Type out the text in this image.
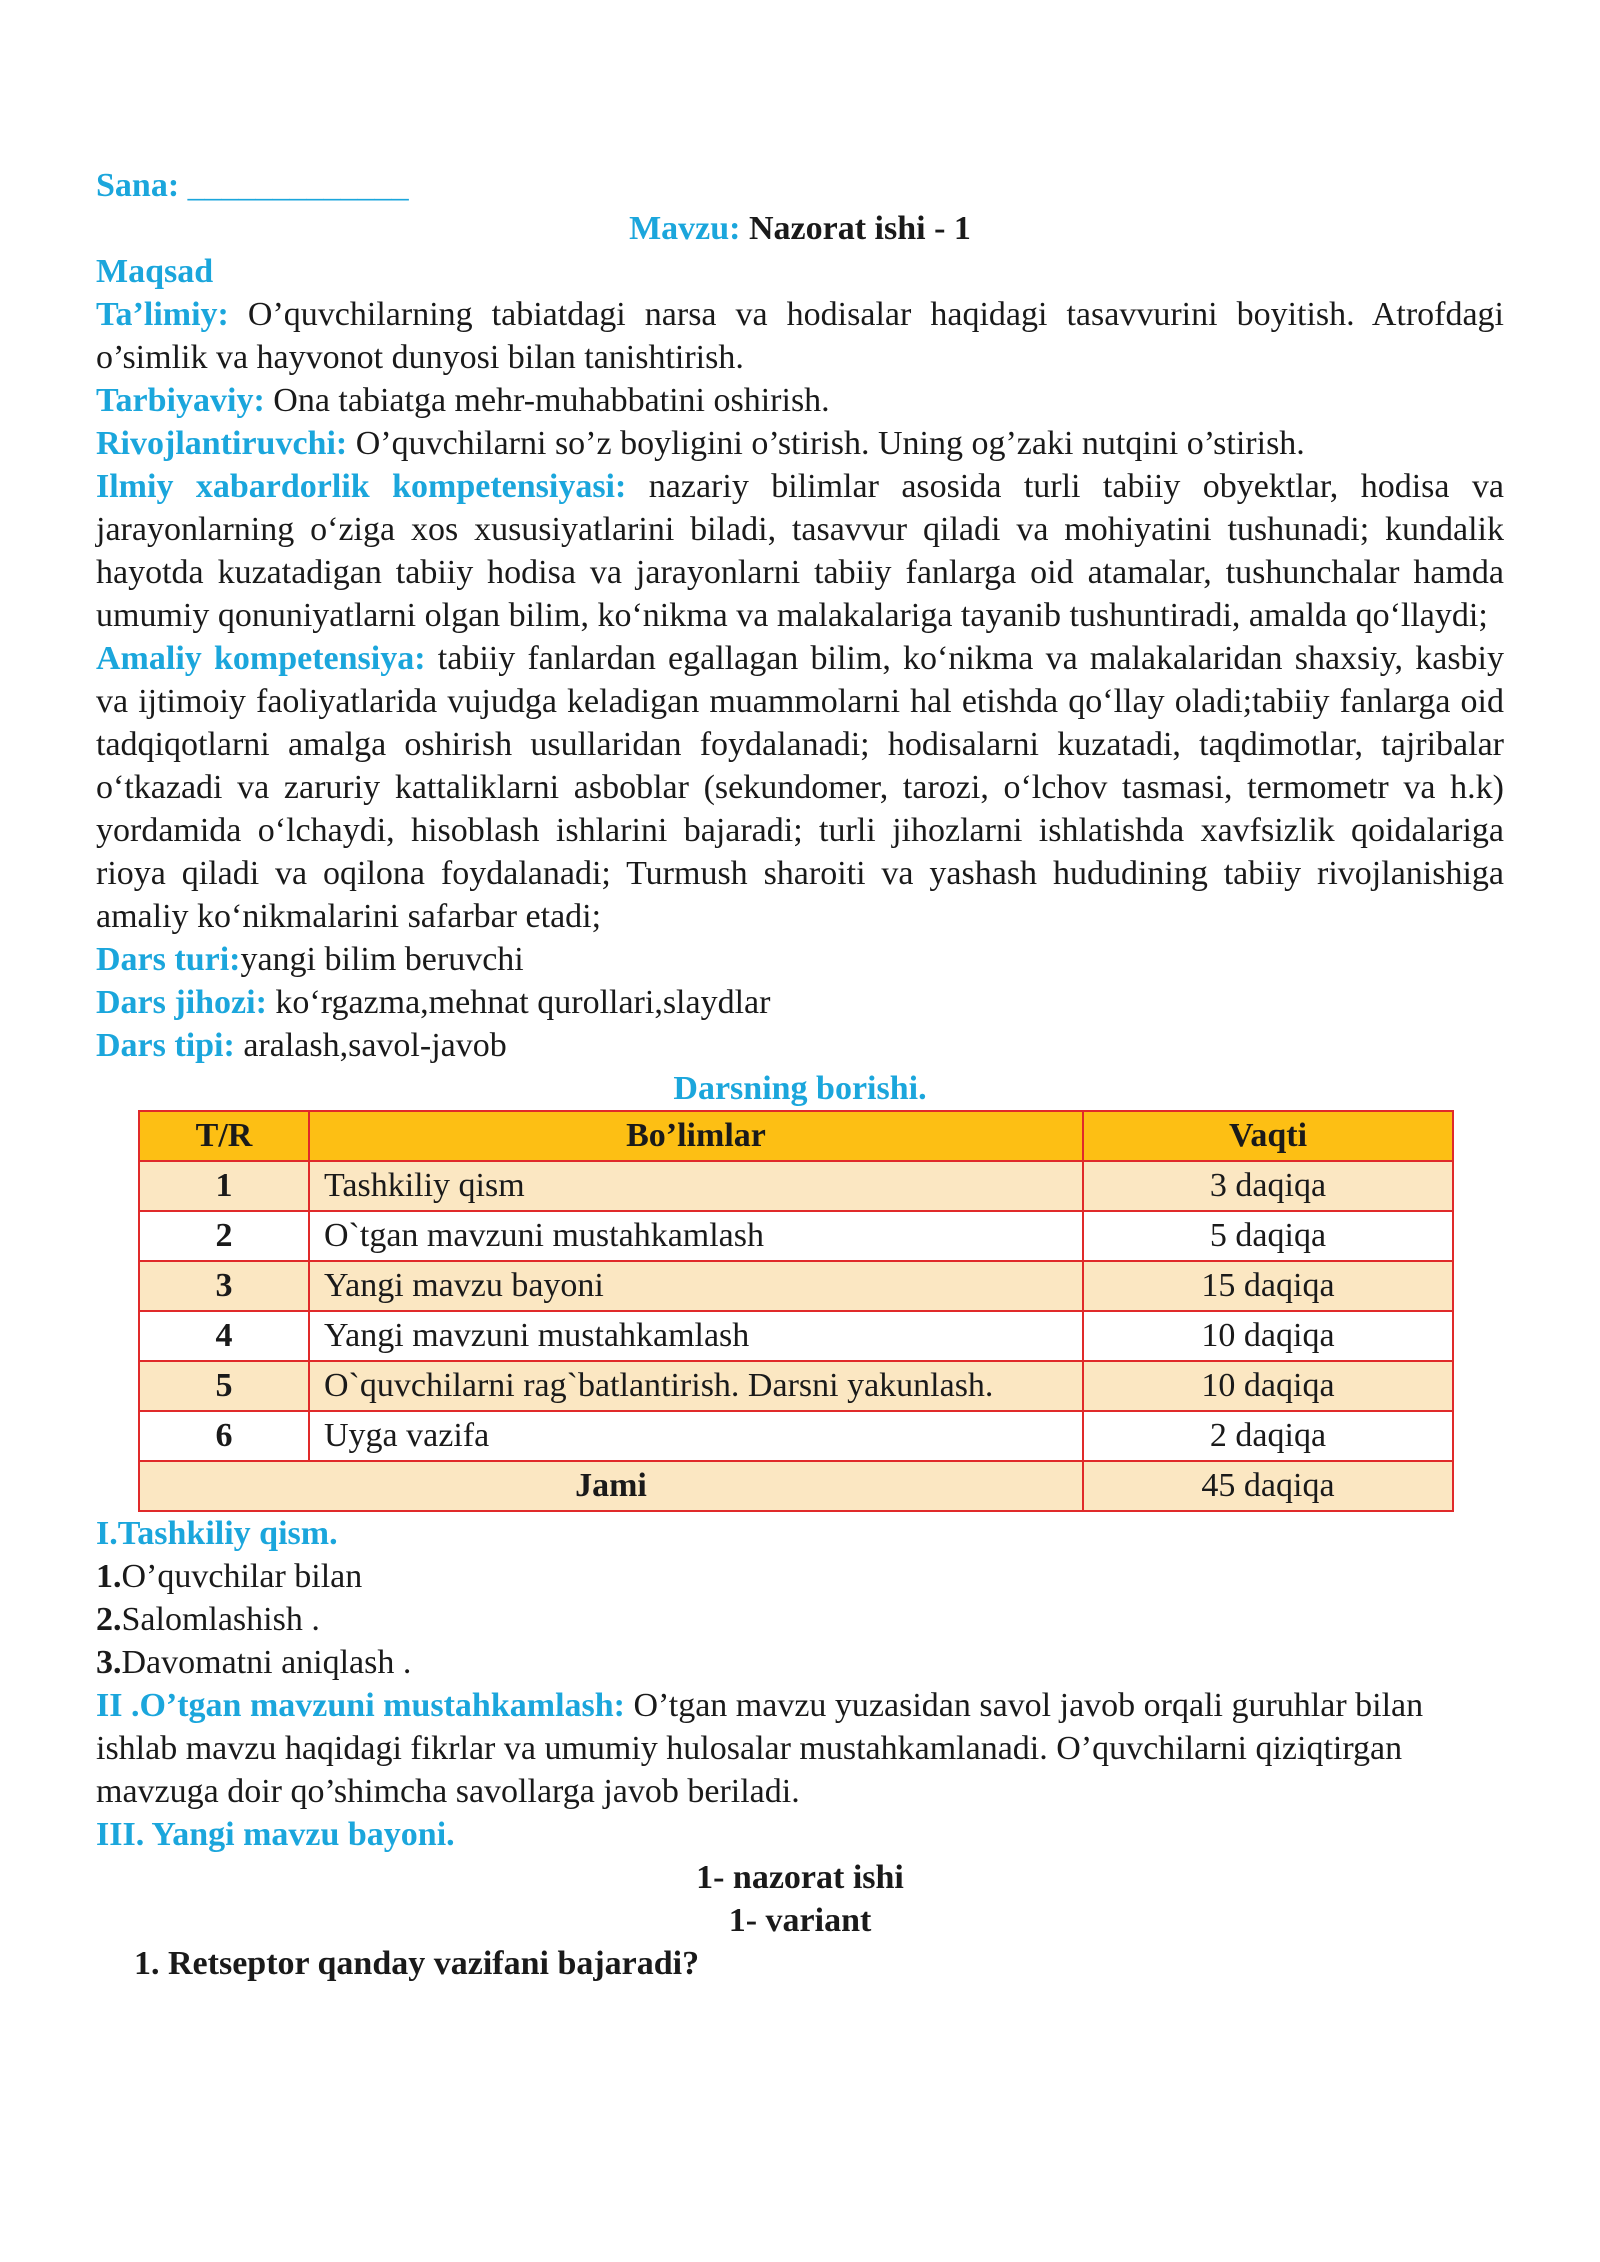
Sana: _____________

Mavzu: Nazorat ishi - 1

Maqsad

Ta’limiy: O’quvchilarning tabiatdagi narsa va hodisalar haqidagi tasavvurini boyitish. Atrofdagi o’simlik va hayvonot dunyosi bilan tanishtirish.

Tarbiyaviy: Ona tabiatga mehr-muhabbatini oshirish.

Rivojlantiruvchi: O’quvchilarni so’z boyligini o’stirish. Uning og’zaki nutqini o’stirish.

Ilmiy xabardorlik kompetensiyasi: nazariy bilimlar asosida turli tabiiy obyektlar, hodisa va jarayonlarning o‘ziga xos xususiyatlarini biladi, tasavvur qiladi va mohiyatini tushunadi; kundalik hayotda kuzatadigan tabiiy hodisa va jarayonlarni tabiiy fanlarga oid atamalar, tushunchalar hamda umumiy qonuniyatlarni olgan bilim, ko‘nikma va malakalariga tayanib tushuntiradi, amalda qo‘llaydi;

Amaliy kompetensiya: tabiiy fanlardan egallagan bilim, ko‘nikma va malakalaridan shaxsiy, kasbiy va ijtimoiy faoliyatlarida vujudga keladigan muammolarni hal etishda qo‘llay oladi;tabiiy fanlarga oid tadqiqotlarni amalga oshirish usullaridan foydalanadi; hodisalarni kuzatadi, taqdimotlar, tajribalar o‘tkazadi va zaruriy kattaliklarni asboblar (sekundomer, tarozi, o‘lchov tasmasi, termometr va h.k) yordamida o‘lchaydi, hisoblash ishlarini bajaradi; turli jihozlarni ishlatishda xavfsizlik qoidalariga rioya qiladi va oqilona foydalanadi; Turmush sharoiti va yashash hududining tabiiy rivojlanishiga amaliy ko‘nikmalarini safarbar etadi;

Dars turi:yangi bilim beruvchi

Dars jihozi: ko‘rgazma,mehnat qurollari,slaydlar

Dars tipi: aralash,savol-javob

Darsning borishi.

T/R	Bo’limlar	Vaqti
1	Tashkiliy qism	3 daqiqa
2	O`tgan mavzuni mustahkamlash	5 daqiqa
3	Yangi mavzu bayoni	15 daqiqa
4	Yangi mavzuni mustahkamlash	10 daqiqa
5	O`quvchilarni rag`batlantirish. Darsni yakunlash.	10 daqiqa
6	Uyga vazifa	2 daqiqa
Jami		45 daqiqa

I.Tashkiliy qism.

1.O’quvchilar bilan

2.Salomlashish .

3.Davomatni aniqlash .

II .O’tgan mavzuni mustahkamlash: O’tgan mavzu yuzasidan savol javob orqali guruhlar bilan ishlab mavzu haqidagi fikrlar va umumiy hulosalar mustahkamlanadi. O’quvchilarni qiziqtirgan mavzuga doir qo’shimcha savollarga javob beriladi.

III. Yangi mavzu bayoni.

1- nazorat ishi

1- variant

1. Retseptor qanday vazifani bajaradi?
